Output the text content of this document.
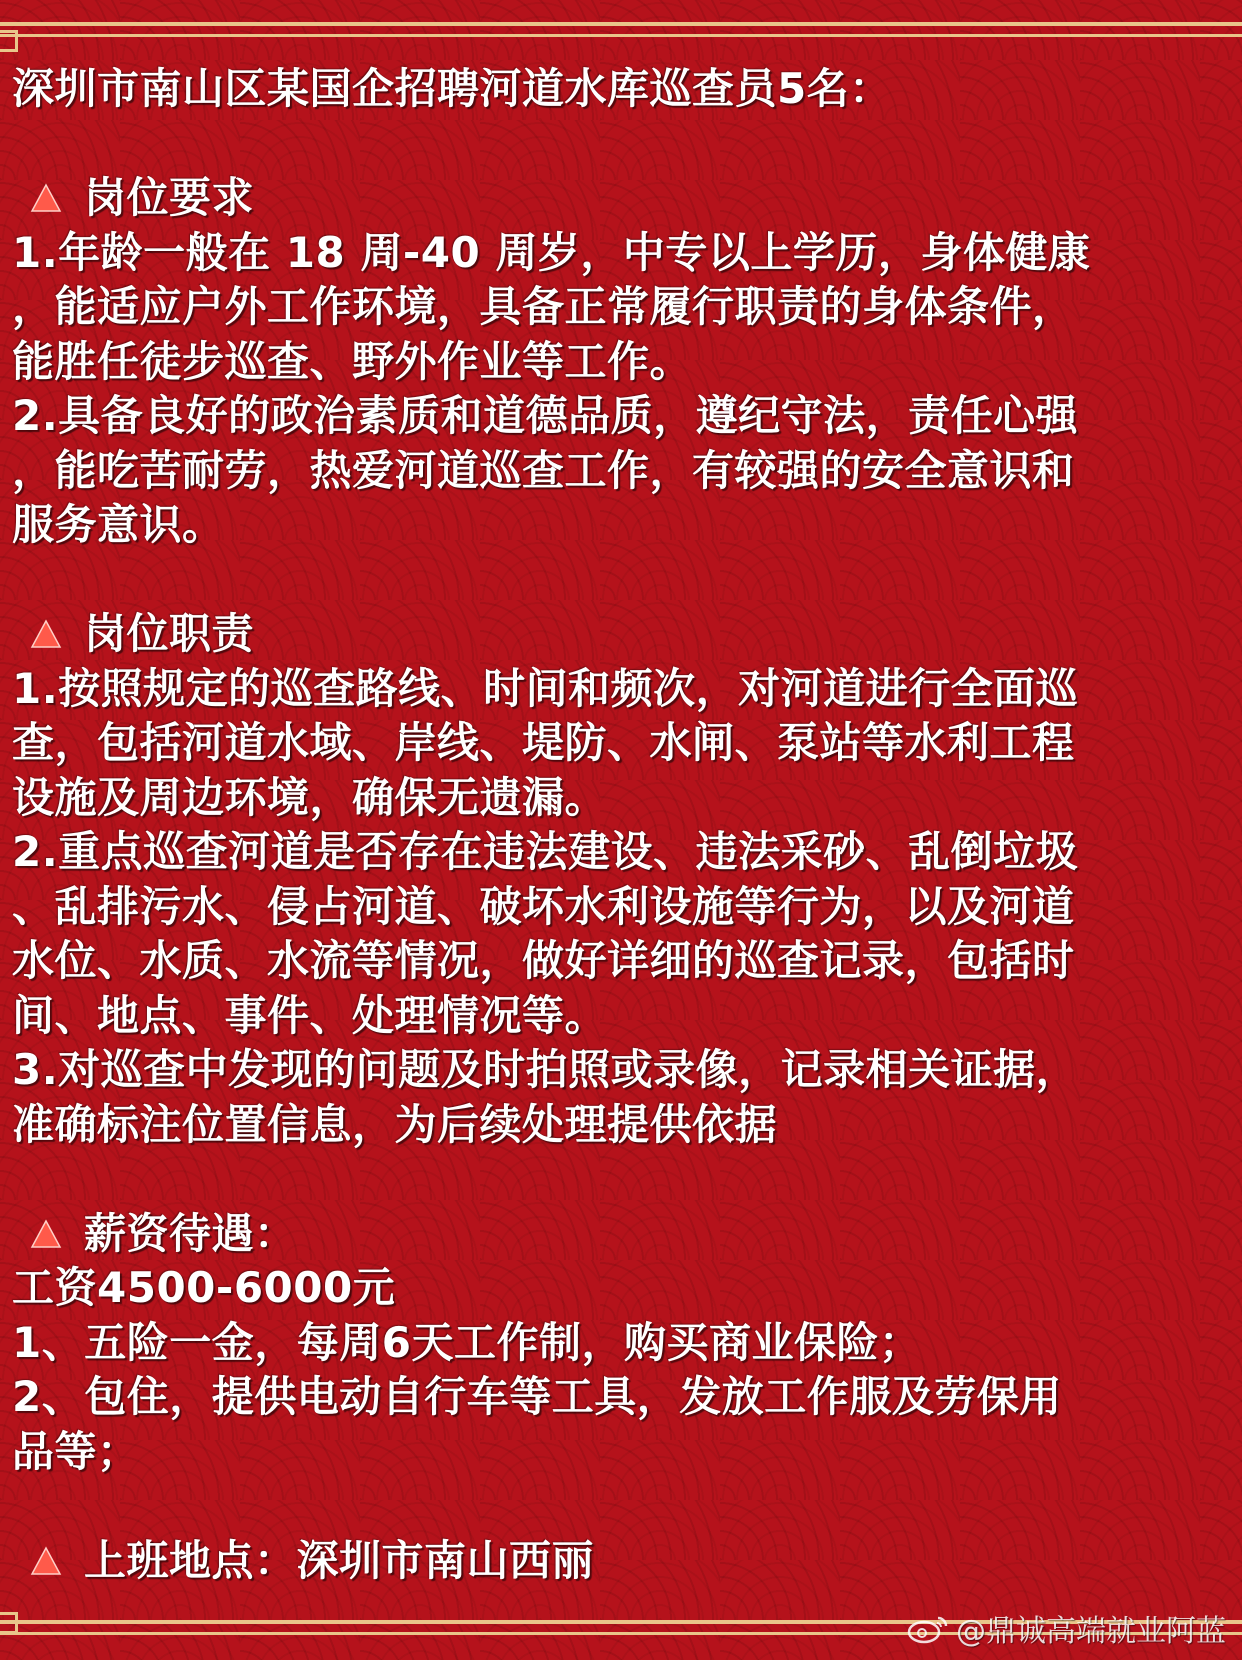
深圳市南山区某国企招聘河道水库巡查员5名：
岗位要求
1.年龄一般在 18 周-40 周岁，中专以上学历，身体健康
，能适应户外工作环境，具备正常履行职责的身体条件，
能胜任徒步巡查、野外作业等工作。
2.具备良好的政治素质和道德品质，遵纪守法，责任心强
，能吃苦耐劳，热爱河道巡查工作，有较强的安全意识和
服务意识。
岗位职责
1.按照规定的巡查路线、时间和频次，对河道进行全面巡
查，包括河道水域、岸线、堤防、水闸、泵站等水利工程
设施及周边环境，确保无遗漏。
2.重点巡查河道是否存在违法建设、违法采砂、乱倒垃圾
、乱排污水、侵占河道、破坏水利设施等行为，以及河道
水位、水质、水流等情况，做好详细的巡查记录，包括时
间、地点、事件、处理情况等。
3.对巡查中发现的问题及时拍照或录像，记录相关证据，
准确标注位置信息，为后续处理提供依据
薪资待遇：
工资4500-6000元
1、五险一金，每周6天工作制，购买商业保险；
2、包住，提供电动自行车等工具，发放工作服及劳保用
品等；
上班地点：深圳市南山西丽
@鼎诚高端就业阿蓝
